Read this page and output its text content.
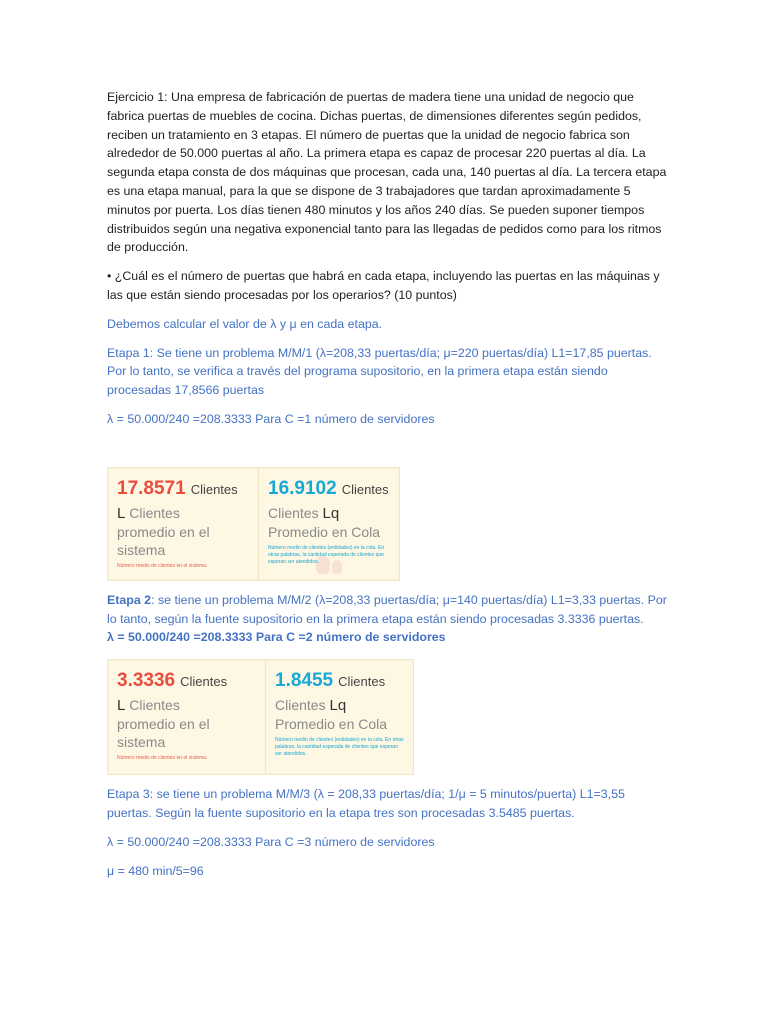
Ejercicio 1: Una empresa de fabricación de puertas de madera tiene una unidad de negocio que fabrica puertas de muebles de cocina. Dichas puertas, de dimensiones diferentes según pedidos, reciben un tratamiento en 3 etapas. El número de puertas que la unidad de negocio fabrica son alrededor de 50.000 puertas al año. La primera etapa es capaz de procesar 220 puertas al día. La segunda etapa consta de dos máquinas que procesan, cada una, 140 puertas al día. La tercera etapa es una etapa manual, para la que se dispone de 3 trabajadores que tardan aproximadamente 5 minutos por puerta. Los días tienen 480 minutos y los años 240 días. Se pueden suponer tiempos distribuidos según una negativa exponencial tanto para las llegadas de pedidos como para los ritmos de producción.

• ¿Cuál es el número de puertas que habrá en cada etapa, incluyendo las puertas en las máquinas y las que están siendo procesadas por los operarios? (10 puntos)

Debemos calcular el valor de λ y μ en cada etapa.

Etapa 1: Se tiene un problema M/M/1 (λ=208,33 puertas/día; μ=220 puertas/día) L1=17,85 puertas. Por lo tanto, se verifica a través del programa supositorio, en la primera etapa están siendo procesadas 17,8566 puertas

λ = 50.000/240 =208.3333 Para C =1 número de servidores

17.8571 Clientes
L Clientes
promedio en el sistema
Número medio de clientes en el sistema.
16.9102 Clientes
Clientes Lq
Promedio en Cola
Número medio de clientes (entidades) en la cola. En otras palabras, la cantidad esperada de clientes que esperan ser atendidos.

Etapa 2: se tiene un problema M/M/2 (λ=208,33 puertas/día; μ=140 puertas/día) L1=3,33 puertas. Por lo tanto, según la fuente supositorio en la primera etapa están siendo procesadas 3.3336 puertas.

λ = 50.000/240 =208.3333 Para C =2 número de servidores

3.3336 Clientes
L Clientes
promedio en el sistema
Número medio de clientes en el sistema.
1.8455 Clientes
Clientes Lq
Promedio en Cola
Número medio de clientes (entidades) en la cola. En otras palabras, la cantidad esperada de clientes que esperan ser atendidos.

Etapa 3: se tiene un problema M/M/3 (λ = 208,33 puertas/día; 1/μ = 5 minutos/puerta) L1=3,55 puertas. Según la fuente supositorio en la etapa tres son procesadas 3.5485 puertas.

λ = 50.000/240 =208.3333 Para C =3 número de servidores

μ = 480 min/5=96
